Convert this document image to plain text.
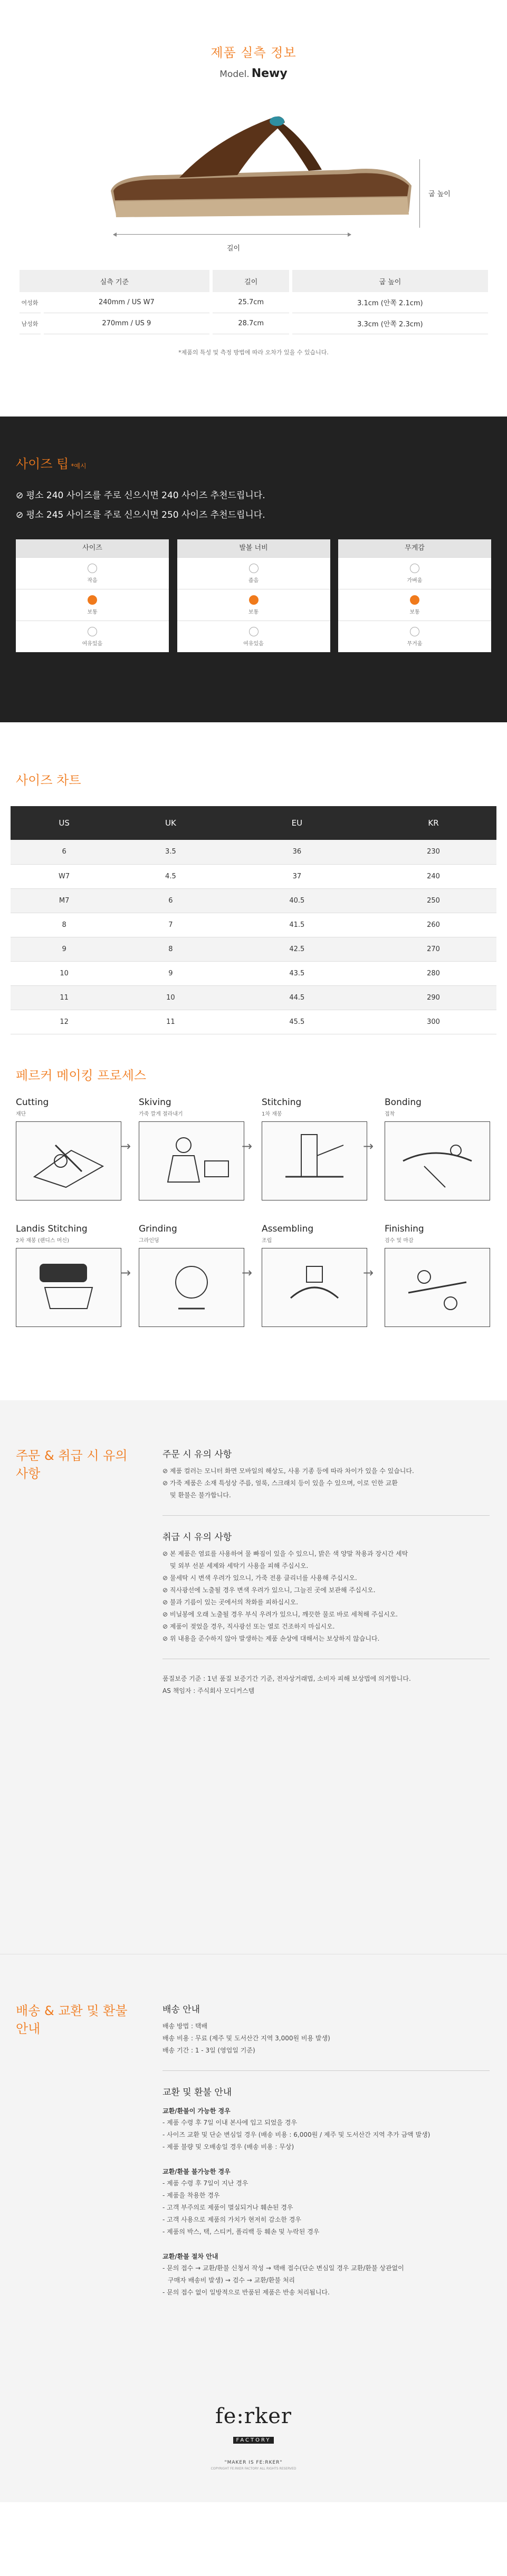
제품 실측 정보
Model. Newy
굽 높이
길이
실측 기준		길이	굽 높이
여성화	240mm / US W7	25.7cm	3.1cm (안쪽 2.1cm)
남성화	270mm / US 9	28.7cm	3.3cm (안쪽 2.3cm)
*제품의 특성 및 측정 방법에 따라 오차가 있을 수 있습니다.
사이즈 팁 *예시
⊘ 평소 240 사이즈를 주로 신으시면 240 사이즈 추천드립니다.
⊘ 평소 245 사이즈를 주로 신으시면 250 사이즈 추천드립니다.
사이즈
작음
보통
여유있음
발볼 너비
좁음
보통
여유있음
무게감
가벼움
보통
무거움
사이즈 차트
US	UK	EU	KR
6	3.5	36	230
W7	4.5	37	240
M7	6	40.5	250
8	7	41.5	260
9	8	42.5	270
10	9	43.5	280
11	10	44.5	290
12	11	45.5	300
페르커 메이킹 프로세스
Cutting
재단
Skiving
가죽 깔게 절라내기
Stitching
1차 재봉
Bonding
접착
Landis Stitching
2차 재봉 (랜디스 머신)
Grinding
그라인딩
Assembling
조립
Finishing
검수 및 마감
→	→	→
→	→	→
주문 & 취급 시 유의 사항
주문 시 유의 사항
⊘ 제품 컬러는 모니터 화면 모바일의 해상도, 사용 기종 등에 따라 차이가 있을 수 있습니다.
⊘ 가죽 제품은 소재 특성상 주름, 얼룩, 스크래치 등이 있을 수 있으며, 이로 인한 교환
및 환불은 불가합니다.
취급 시 유의 사항
⊘ 본 제품은 염료를 사용하여 물 빠짐이 있을 수 있으니, 밝은 색 양말 착용과 장시간 세탁
및 외부 선분 세제와 세탁기 사용을 피해 주십시오.
⊘ 물세탁 시 변색 우려가 있으니, 가죽 전용 클리너를 사용해 주십시오.
⊘ 직사광선에 노출될 경우 변색 우려가 있으니, 그늘진 곳에 보관해 주십시오.
⊘ 불과 기름이 있는 곳에서의 착화를 피하십시오.
⊘ 비닐봉에 오래 노출될 경우 부식 우려가 있으니, 깨끗한 물로 바로 세척해 주십시오.
⊘ 제품이 젖었을 경우, 직사광선 또는 열로 건조하지 마십시오.
⊘ 위 내용을 준수하지 않아 발생하는 제품 손상에 대해서는 보상하지 않습니다.

품질보증 기준 : 1년 품질 보증기간 기준, 전자상거래법, 소비자 피해 보상법에 의거합니다.

AS 책임자 : 주식회사 모디커스템

배송 & 교환 및 환불 안내
배송 안내
배송 방법 : 택배
배송 비용 : 무료 (제주 및 도서산간 지역 3,000원 비용 발생)
배송 기간 : 1 - 3일 (영업일 기준)
교환 및 환불 안내
교환/환불이 가능한 경우
- 제품 수령 후 7일 이내 본사에 입고 되었을 경우
- 사이즈 교환 및 단순 변심일 경우 (배송 비용 : 6,000원 / 제주 및 도서산간 지역 추가 금액 발생)
- 제품 불량 및 오배송일 경우 (배송 비용 : 무상)
교환/환불 불가능한 경우
- 제품 수령 후 7일이 지난 경우
- 제품을 착용한 경우
- 고객 부주의로 제품이 멸실되거나 훼손된 경우
- 고객 사용으로 제품의 가치가 현저히 감소한 경우
- 제품의 박스, 택, 스티커, 폴리백 등 훼손 및 누락된 경우
교환/환불 절차 안내
- 문의 접수 → 교환/환불 신청서 작성 → 택배 접수(단순 변심일 경우 교환/환불 상관없이
구매자 배송비 발생) → 검수 → 교환/환불 처리
- 문의 접수 없이 일방적으로 반품된 제품은 반송 처리됩니다.
fe:rker
FACTORY
"MAKER IS FE:RKER"
COPYRIGHT FE:RKER FACTORY ALL RIGHTS RESERVED
